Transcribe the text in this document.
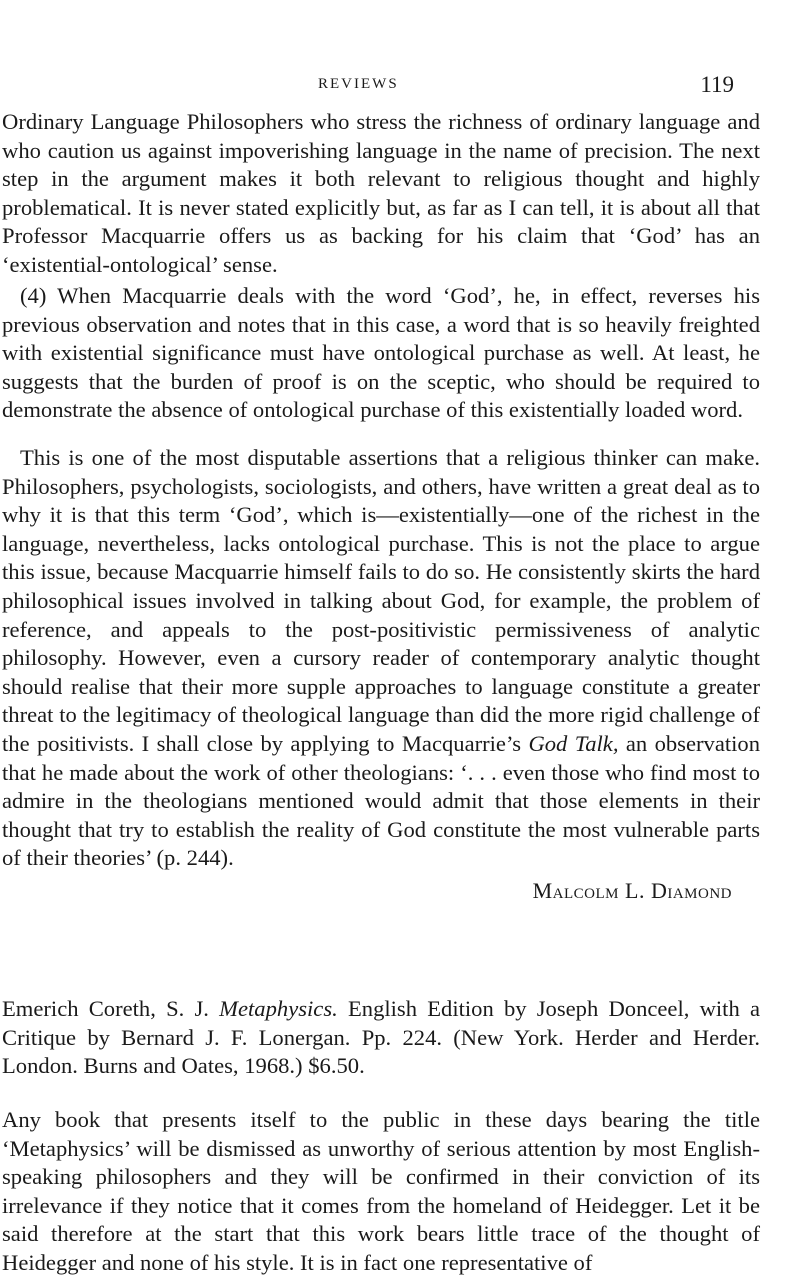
REVIEWS	119

Ordinary Language Philosophers who stress the richness of ordinary language and who caution us against impoverishing language in the name of precision. The next step in the argument makes it both relevant to religious thought and highly problematical. It is never stated explicitly but, as far as I can tell, it is about all that Professor Macquarrie offers us as backing for his claim that ‘God’ has an ‘existential-ontological’ sense.

(4) When Macquarrie deals with the word ‘God’, he, in effect, reverses his previous observation and notes that in this case, a word that is so heavily freighted with existential significance must have ontological purchase as well. At least, he suggests that the burden of proof is on the sceptic, who should be required to demonstrate the absence of ontological purchase of this existentially loaded word.

This is one of the most disputable assertions that a religious thinker can make. Philosophers, psychologists, sociologists, and others, have written a great deal as to why it is that this term ‘God’, which is—existentially—one of the richest in the language, nevertheless, lacks ontological purchase. This is not the place to argue this issue, because Macquarrie himself fails to do so. He consistently skirts the hard philosophical issues involved in talking about God, for example, the problem of reference, and appeals to the post-positivistic permissiveness of analytic philosophy. However, even a cursory reader of contemporary analytic thought should realise that their more supple approaches to language constitute a greater threat to the legitimacy of theological language than did the more rigid challenge of the positivists. I shall close by applying to Macquarrie’s God Talk, an observation that he made about the work of other theologians: ‘. . . even those who find most to admire in the theologians mentioned would admit that those elements in their thought that try to establish the reality of God constitute the most vulnerable parts of their theories’ (p. 244).

Malcolm L. Diamond

Emerich Coreth, S. J. Metaphysics. English Edition by Joseph Donceel, with a Critique by Bernard J. F. Lonergan. Pp. 224. (New York. Herder and Herder. London. Burns and Oates, 1968.) $6.50.

Any book that presents itself to the public in these days bearing the title ‘Metaphysics’ will be dismissed as unworthy of serious attention by most English-speaking philosophers and they will be confirmed in their conviction of its irrelevance if they notice that it comes from the homeland of Heidegger. Let it be said therefore at the start that this work bears little trace of the thought of Heidegger and none of his style. It is in fact one representative of
